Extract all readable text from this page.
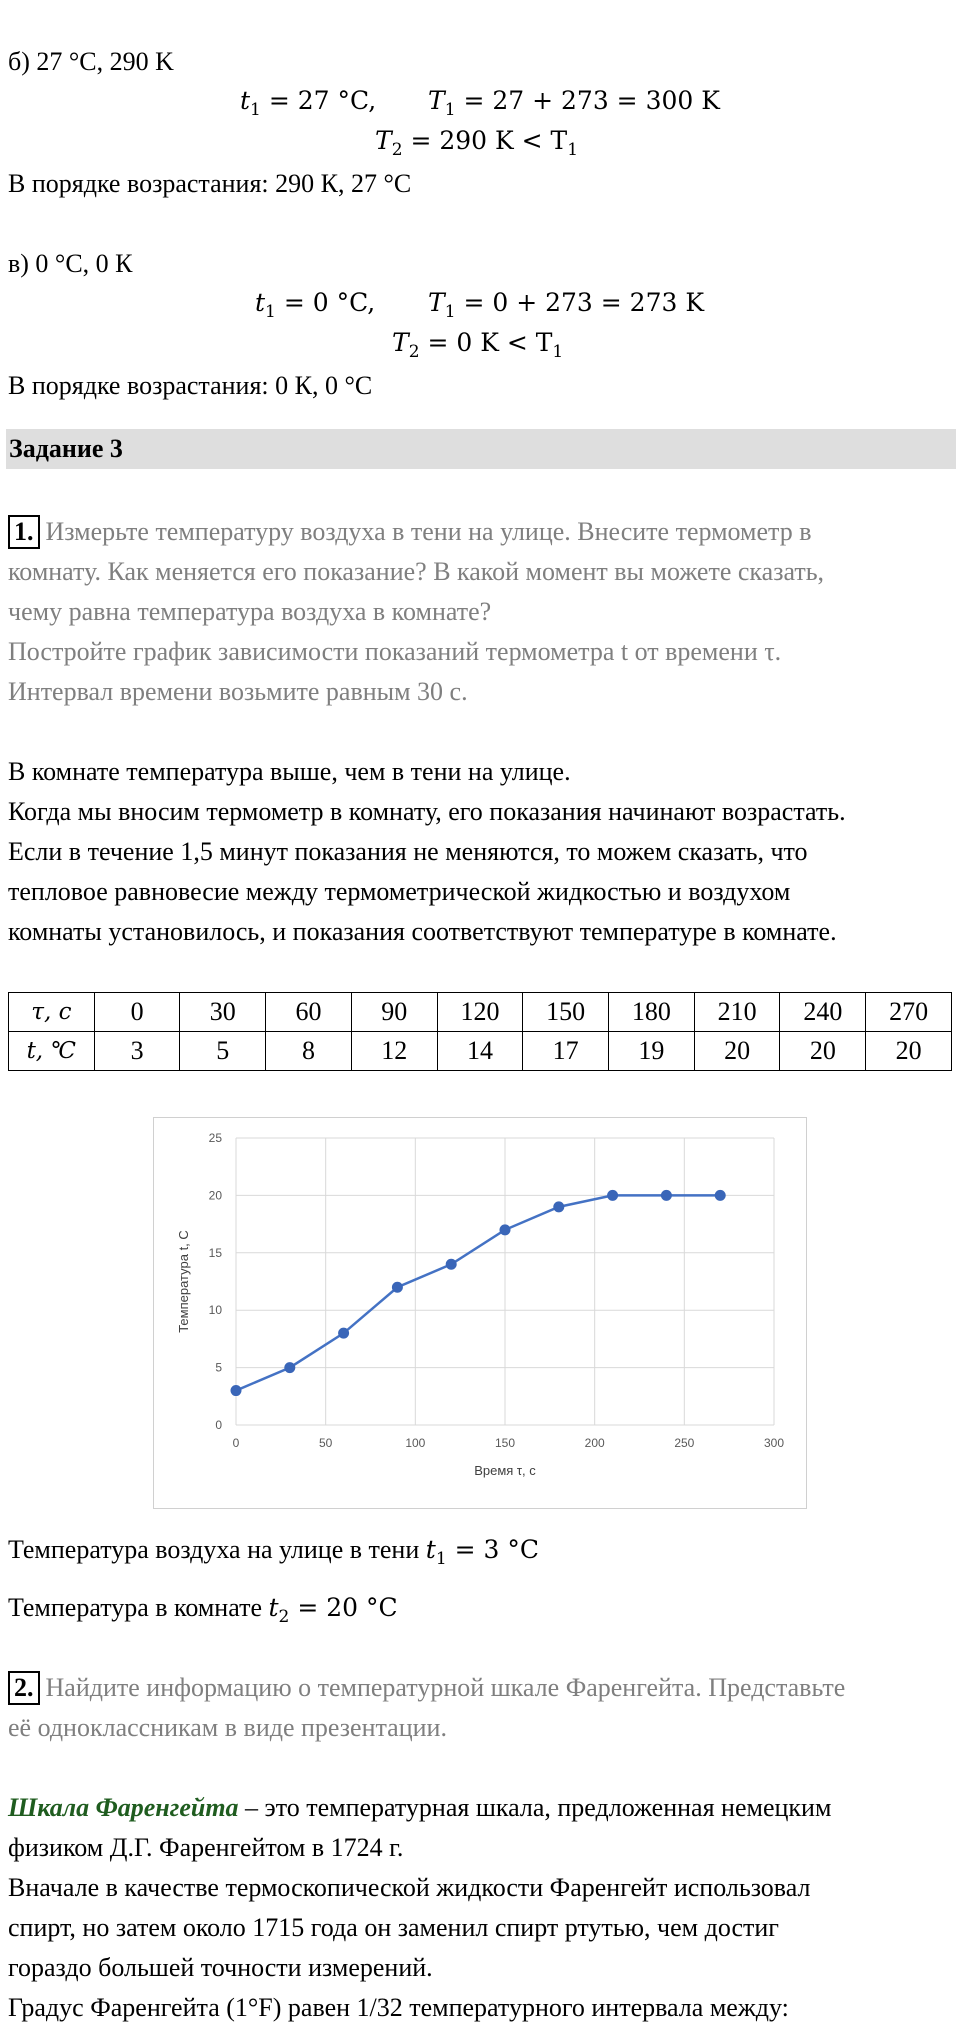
б) 27 °C, 290 K
$t_1 = 27$ °C, $T_1 = 27 + 273 = 300$ K
$T_2 = 290$ $K < T_1$
В порядке возрастания: 290 К, 27 °С
в) 0 °С, 0 К
$t_1 = 0$ °C, $T_1 = 0 + 273 = 273$ K
$T_2 = 0$ $K < T_1$
В порядке возрастания: 0 К, 0 °С
Задание 3
1. Измерьте температуру воздуха в тени на улице. Внесите термометр в
комнату. Как меняется его показание? В какой момент вы можете сказать,
чему равна температура воздуха в комнате?
Постройте график зависимости показаний термометра t от времени τ.
Интервал времени возьмите равным 30 с.
В комнате температура выше, чем в тени на улице.
Когда мы вносим термометр в комнату, его показания начинают возрастать.
Если в течение 1,5 минут показания не меняются, то можем сказать, что
тепловое равновесие между термометрической жидкостью и воздухом
комнаты установилось, и показания соответствуют температуре в комнате.
τ, c	0	30	60	90	120	150	180	210	240	270
t, ℃	3	5	8	12	14	17	19	20	20	20
0
5
10
15
20
25
0	50	100	150	200	250	300
Время τ, с
Температура t, С
Температура воздуха на улице в тени $t_1 = 3$ °C
Температура в комнате $t_2 = 20$ °C
2. Найдите информацию о температурной шкале Фаренгейта. Представьте
её одноклассникам в виде презентации.
Шкала Фаренгейта – это температурная шкала, предложенная немецким
физиком Д.Г. Фаренгейтом в 1724 г.
Вначале в качестве термоскопической жидкости Фаренгейт использовал
спирт, но затем около 1715 года он заменил спирт ртутью, чем достиг
гораздо большей точности измерений.
Градус Фаренгейта (1°F) равен 1/32 температурного интервала между:
